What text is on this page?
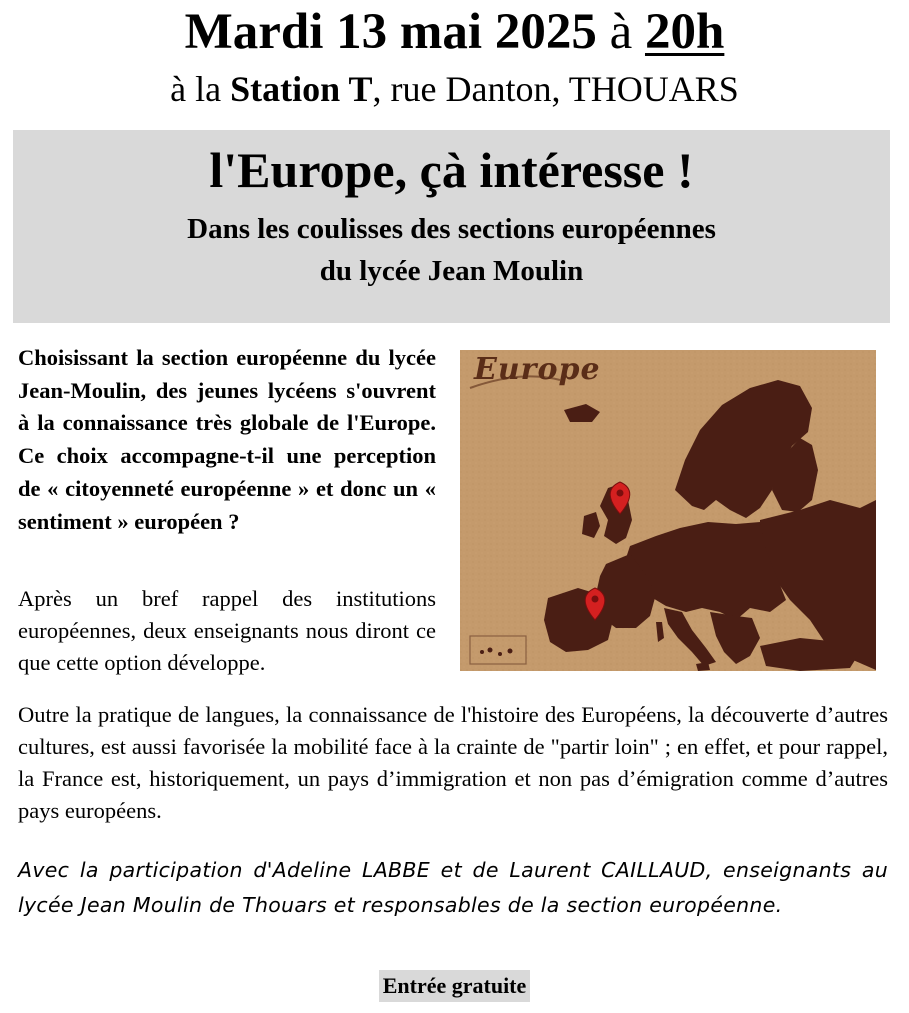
Mardi 13 mai 2025 à 20h
à la Station T, rue Danton, THOUARS
l'Europe, çà intéresse !
Dans les coulisses des sections européennes
du lycée Jean Moulin
Choisissant la section européenne du lycée Jean-Moulin, des jeunes lycéens s'ouvrent à la connaissance très globale de l'Europe. Ce choix accompagne-t-il une perception de « citoyenneté européenne » et donc un « sentiment » européen ?
Après un bref rappel des institutions européennes, deux enseignants nous diront ce que cette option développe.
Europe
Outre la pratique de langues, la connaissance de l'histoire des Européens, la découverte d’autres cultures, est aussi favorisée la mobilité face à la crainte de "partir loin" ; en effet, et pour rappel, la France est, historiquement, un pays d’immigration et non pas d’émigration comme d’autres pays européens.
Avec la participation d'Adeline LABBE et de Laurent CAILLAUD, enseignants au lycée Jean Moulin de Thouars et responsables de la section européenne.
Entrée gratuite
